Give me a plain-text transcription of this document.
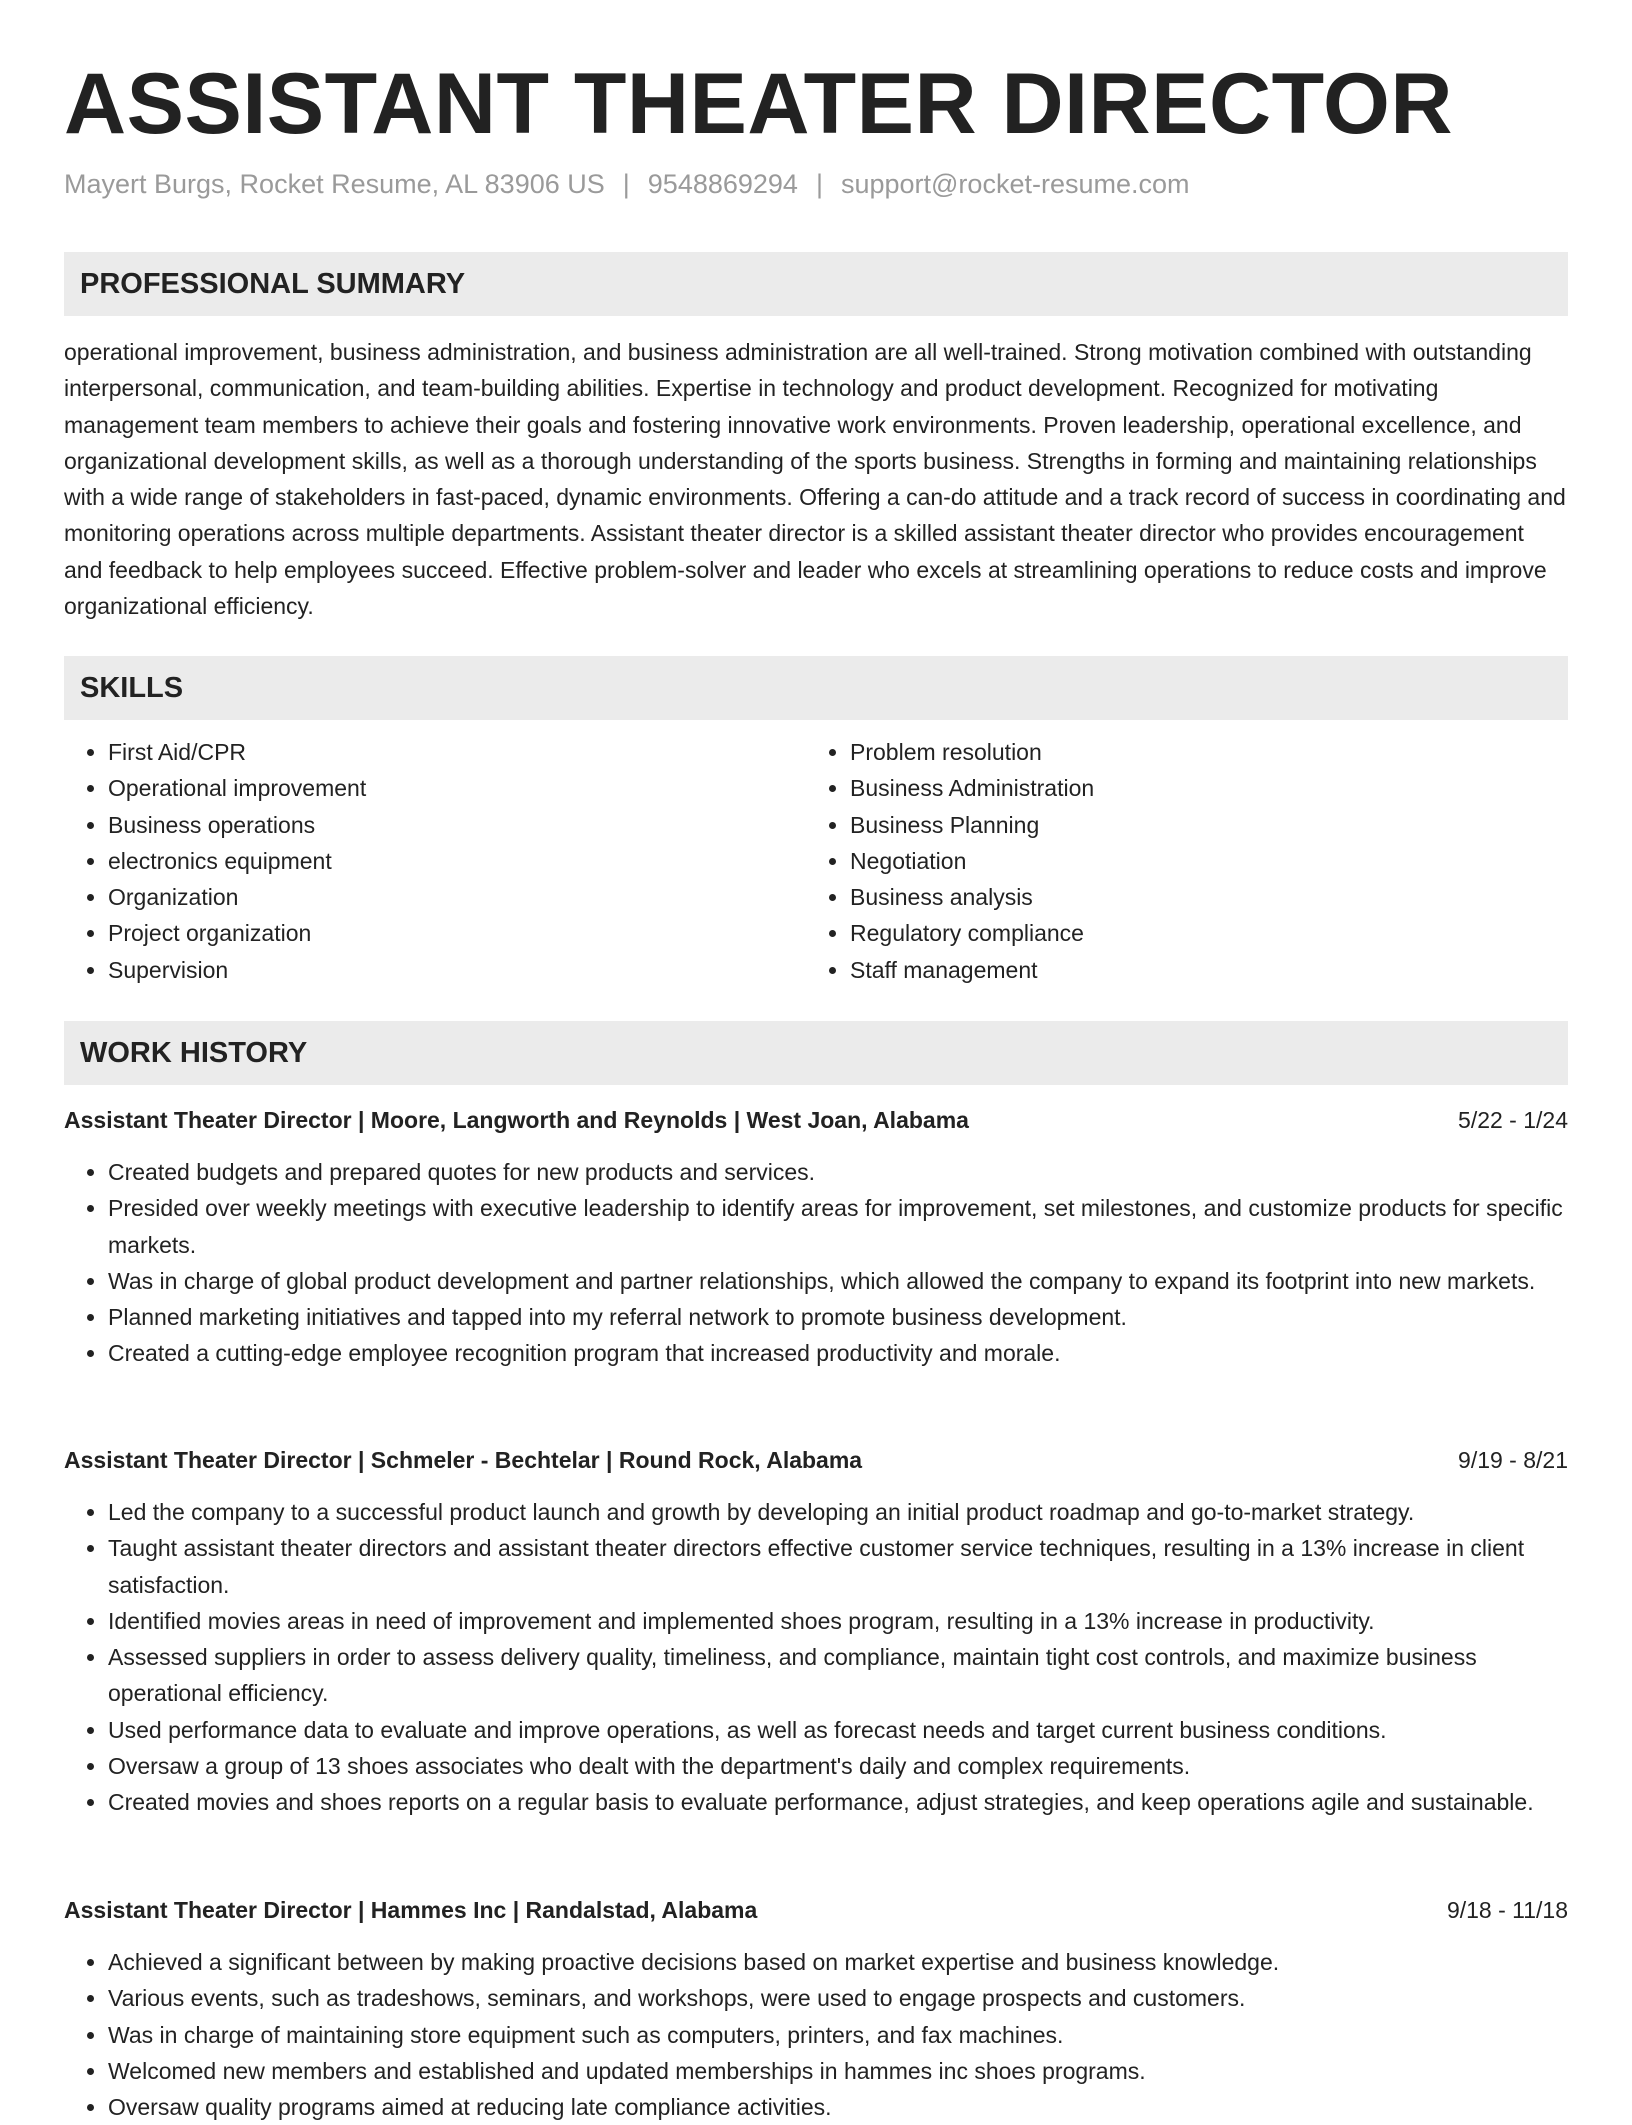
ASSISTANT THEATER DIRECTOR
Mayert Burgs, Rocket Resume, AL 83906 US | 9548869294 | support@rocket-resume.com
PROFESSIONAL SUMMARY

operational improvement, business administration, and business administration are all well-trained. Strong motivation combined with outstanding interpersonal, communication, and team-building abilities. Expertise in technology and product development. Recognized for motivating management team members to achieve their goals and fostering innovative work environments. Proven leadership, operational excellence, and organizational development skills, as well as a thorough understanding of the sports business. Strengths in forming and maintaining relationships with a wide range of stakeholders in fast-paced, dynamic environments. Offering a can-do attitude and a track record of success in coordinating and monitoring operations across multiple departments. Assistant theater director is a skilled assistant theater director who provides encouragement and feedback to help employees succeed. Effective problem-solver and leader who excels at streamlining operations to reduce costs and improve organizational efficiency.

SKILLS
• First Aid/CPR
• Operational improvement
• Business operations
• electronics equipment
• Organization
• Project organization
• Supervision
• Problem resolution
• Business Administration
• Business Planning
• Negotiation
• Business analysis
• Regulatory compliance
• Staff management
WORK HISTORY
Assistant Theater Director | Moore, Langworth and Reynolds | West Joan, Alabama	5/22 - 1/24
• Created budgets and prepared quotes for new products and services.
• Presided over weekly meetings with executive leadership to identify areas for improvement, set milestones, and customize products for specific markets.
• Was in charge of global product development and partner relationships, which allowed the company to expand its footprint into new markets.
• Planned marketing initiatives and tapped into my referral network to promote business development.
• Created a cutting-edge employee recognition program that increased productivity and morale.
Assistant Theater Director | Schmeler - Bechtelar | Round Rock, Alabama	9/19 - 8/21
• Led the company to a successful product launch and growth by developing an initial product roadmap and go-to-market strategy.
• Taught assistant theater directors and assistant theater directors effective customer service techniques, resulting in a 13% increase in client satisfaction.
• Identified movies areas in need of improvement and implemented shoes program, resulting in a 13% increase in productivity.
• Assessed suppliers in order to assess delivery quality, timeliness, and compliance, maintain tight cost controls, and maximize business operational efficiency.
• Used performance data to evaluate and improve operations, as well as forecast needs and target current business conditions.
• Oversaw a group of 13 shoes associates who dealt with the department's daily and complex requirements.
• Created movies and shoes reports on a regular basis to evaluate performance, adjust strategies, and keep operations agile and sustainable.
Assistant Theater Director | Hammes Inc | Randalstad, Alabama	9/18 - 11/18
• Achieved a significant between by making proactive decisions based on market expertise and business knowledge.
• Various events, such as tradeshows, seminars, and workshops, were used to engage prospects and customers.
• Was in charge of maintaining store equipment such as computers, printers, and fax machines.
• Welcomed new members and established and updated memberships in hammes inc shoes programs.
• Oversaw quality programs aimed at reducing late compliance activities.
